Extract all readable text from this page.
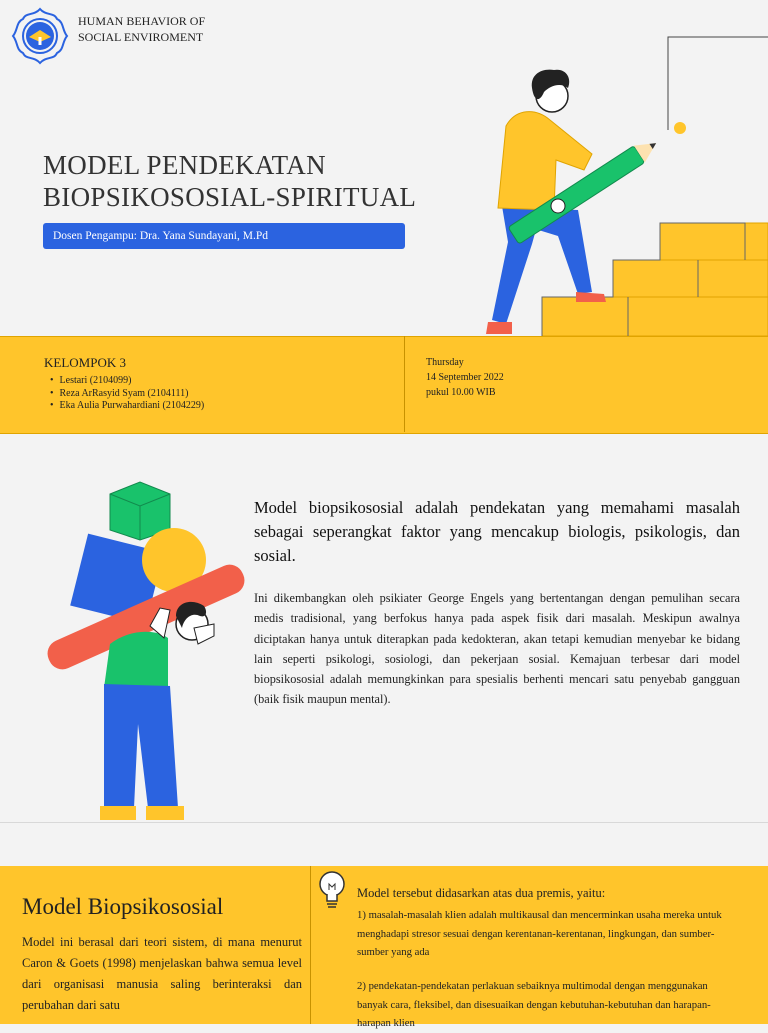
HUMAN BEHAVIOR OF
SOCIAL ENVIROMENT
MODEL PENDEKATAN
BIOPSIKOSOSIAL-SPIRITUAL
Dosen Pengampu: Dra. Yana Sundayani, M.Pd
KELOMPOK 3
• Lestari (2104099)
• Reza ArRasyid Syam (2104111)
• Eka Aulia Purwahardiani (2104229)
Thursday
14 September 2022
pukul 10.00 WIB
Model biopsikososial adalah pendekatan yang memahami masalah sebagai seperangkat faktor yang mencakup biologis, psikologis, dan sosial.
Ini dikembangkan oleh psikiater George Engels yang bertentangan dengan pemulihan secara medis tradisional, yang berfokus hanya pada aspek fisik dari masalah. Meskipun awalnya diciptakan hanya untuk diterapkan pada kedokteran, akan tetapi kemudian menyebar ke bidang lain seperti psikologi, sosiologi, dan pekerjaan sosial. Kemajuan terbesar dari model biopsikososial adalah memungkinkan para spesialis berhenti mencari satu penyebab gangguan (baik fisik maupun mental).
Model Biopsikososial
Model ini berasal dari teori sistem, di mana menurut Caron & Goets (1998) menjelaskan bahwa semua level dari organisasi manusia saling berinteraksi dan perubahan dari satu
Model tersebut didasarkan atas dua premis, yaitu:
1) masalah-masalah klien adalah multikausal dan mencerminkan usaha mereka untuk menghadapi stresor sesuai dengan kerentanan-kerentanan, lingkungan, dan sumber-sumber yang ada
2) pendekatan-pendekatan perlakuan sebaiknya multimodal dengan menggunakan banyak cara, fleksibel, dan disesuaikan dengan kebutuhan-kebutuhan dan harapan-harapan klien
